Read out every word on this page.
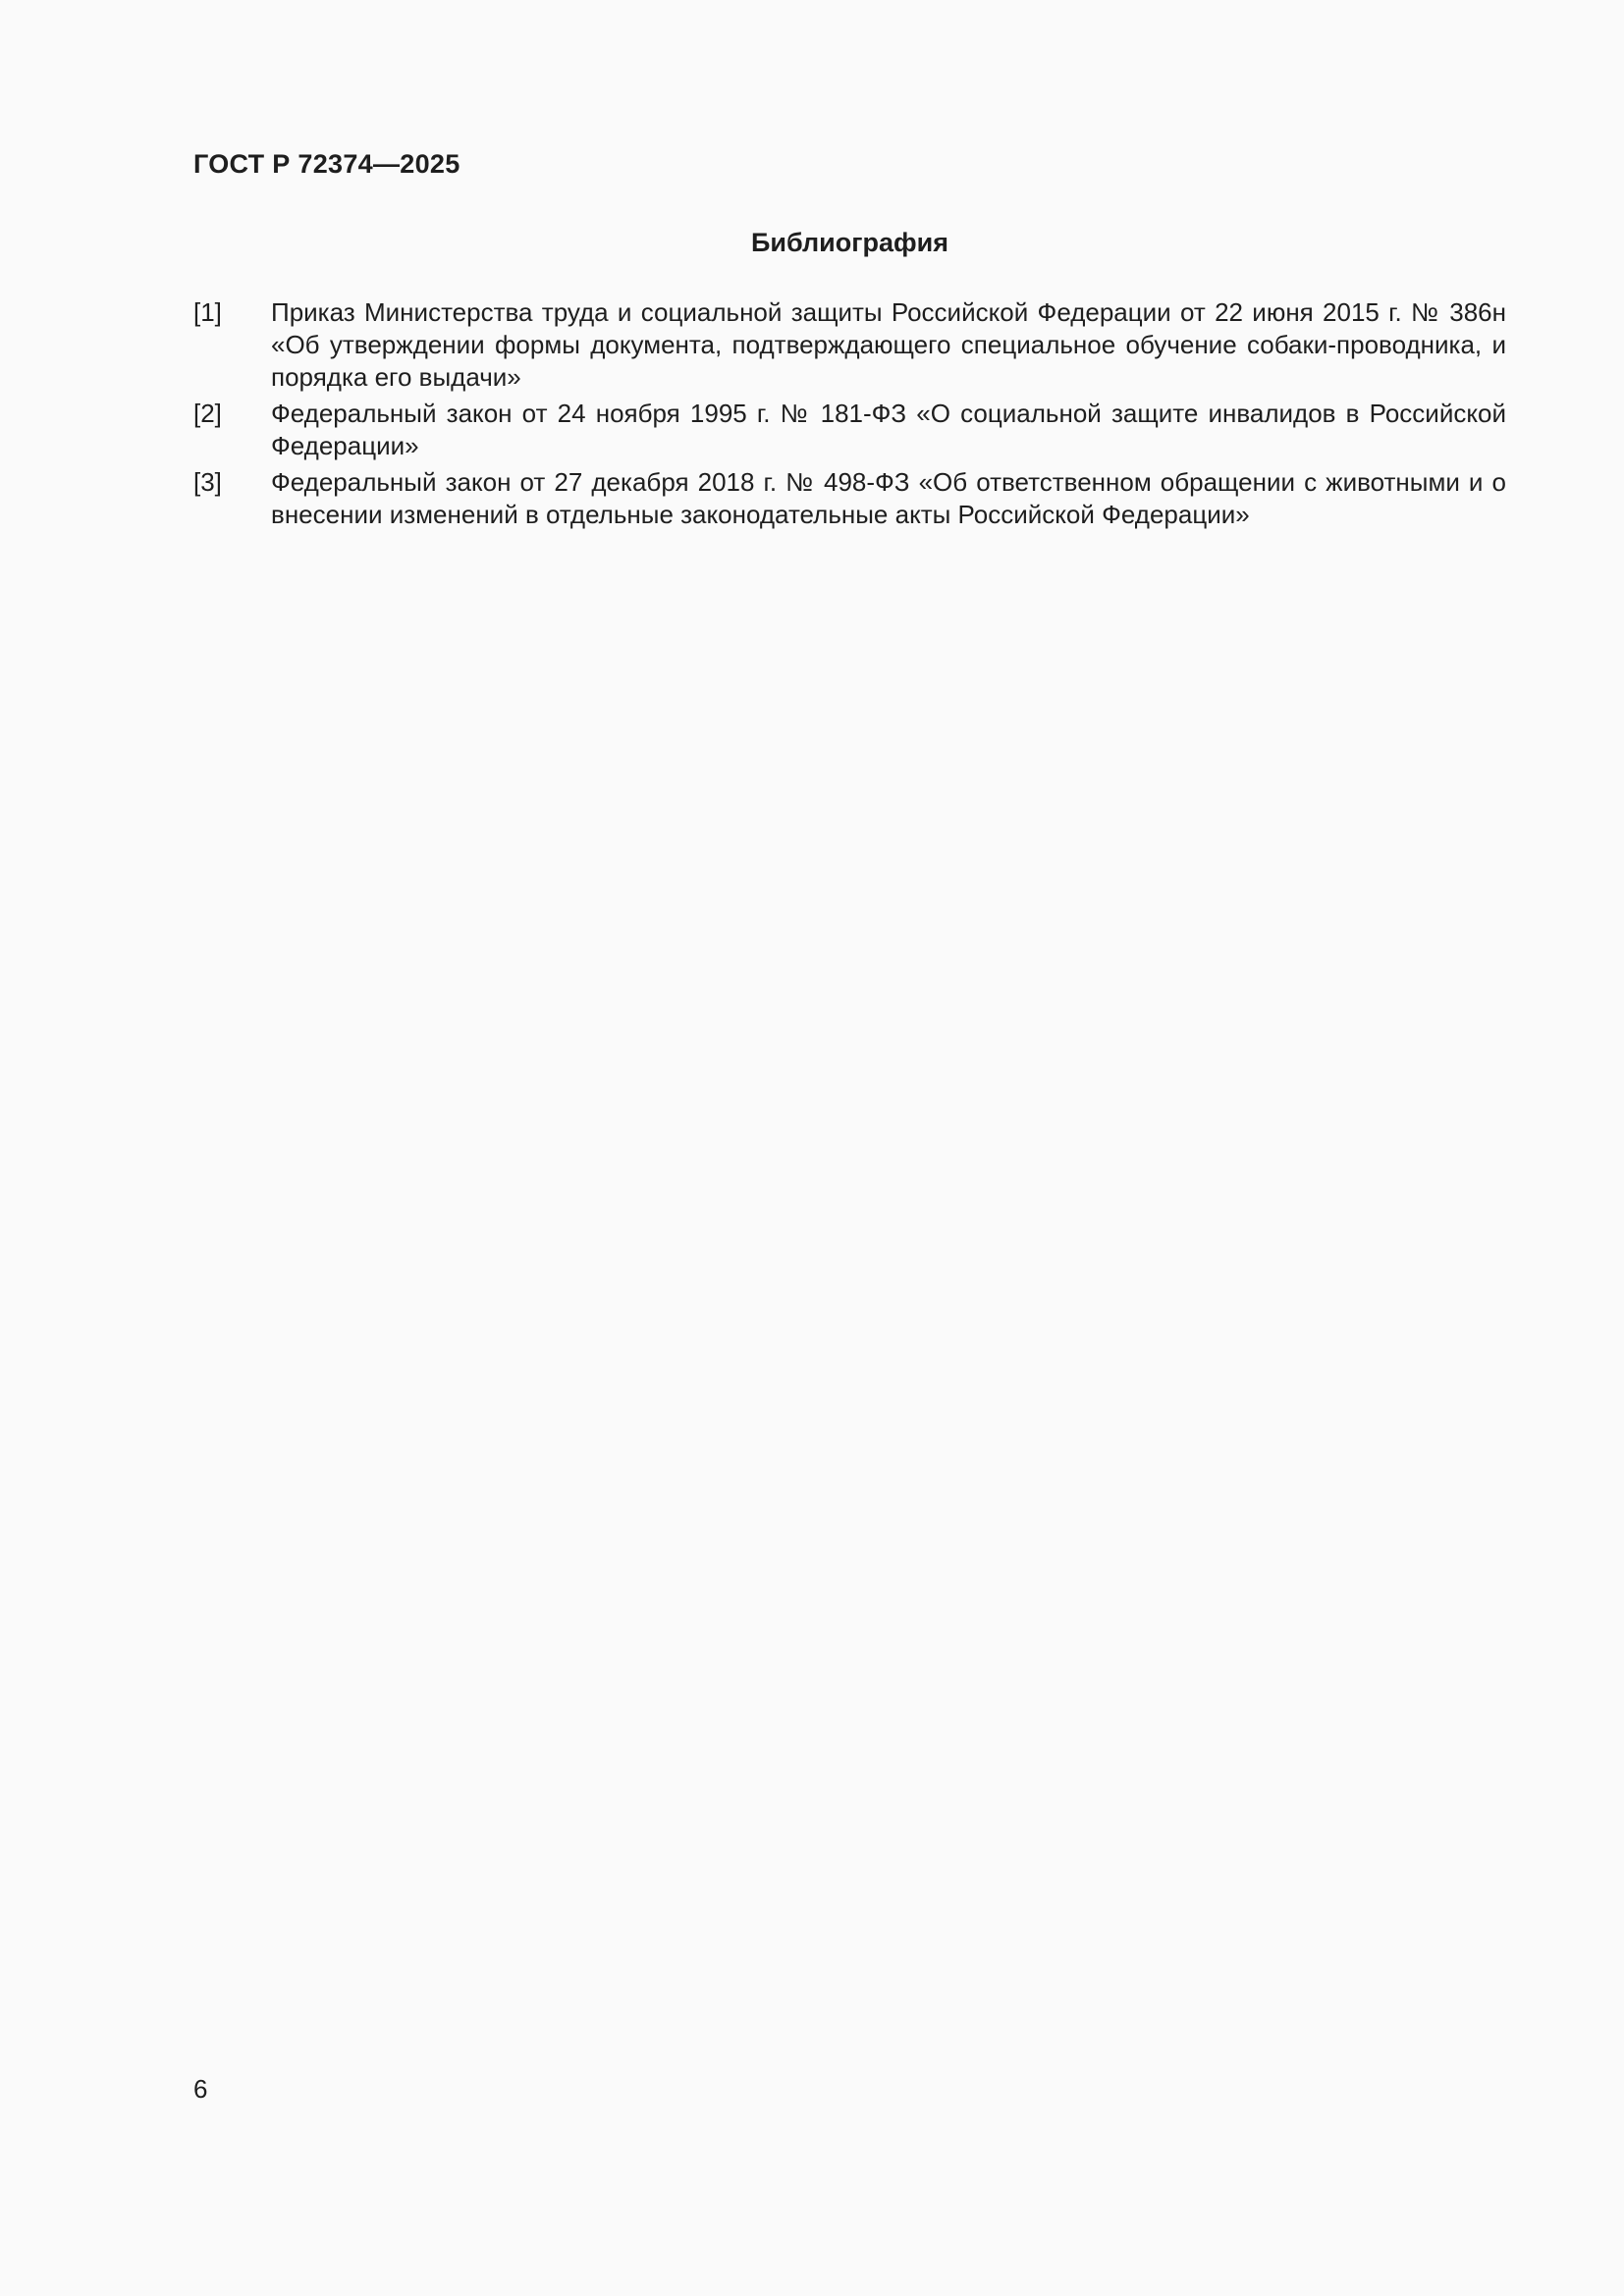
ГОСТ Р 72374—2025
Библиография
[1]	Приказ Министерства труда и социальной защиты Российской Федерации от 22 июня 2015 г. № 386н «Об утверждении формы документа, подтверждающего специальное обучение собаки-проводника, и порядка его выдачи»
[2]	Федеральный закон от 24 ноября 1995 г. № 181-ФЗ «О социальной защите инвалидов в Российской Федерации»
[3]	Федеральный закон от 27 декабря 2018 г. № 498-ФЗ «Об ответственном обращении с животными и о внесении изменений в отдельные законодательные акты Российской Федерации»
6
